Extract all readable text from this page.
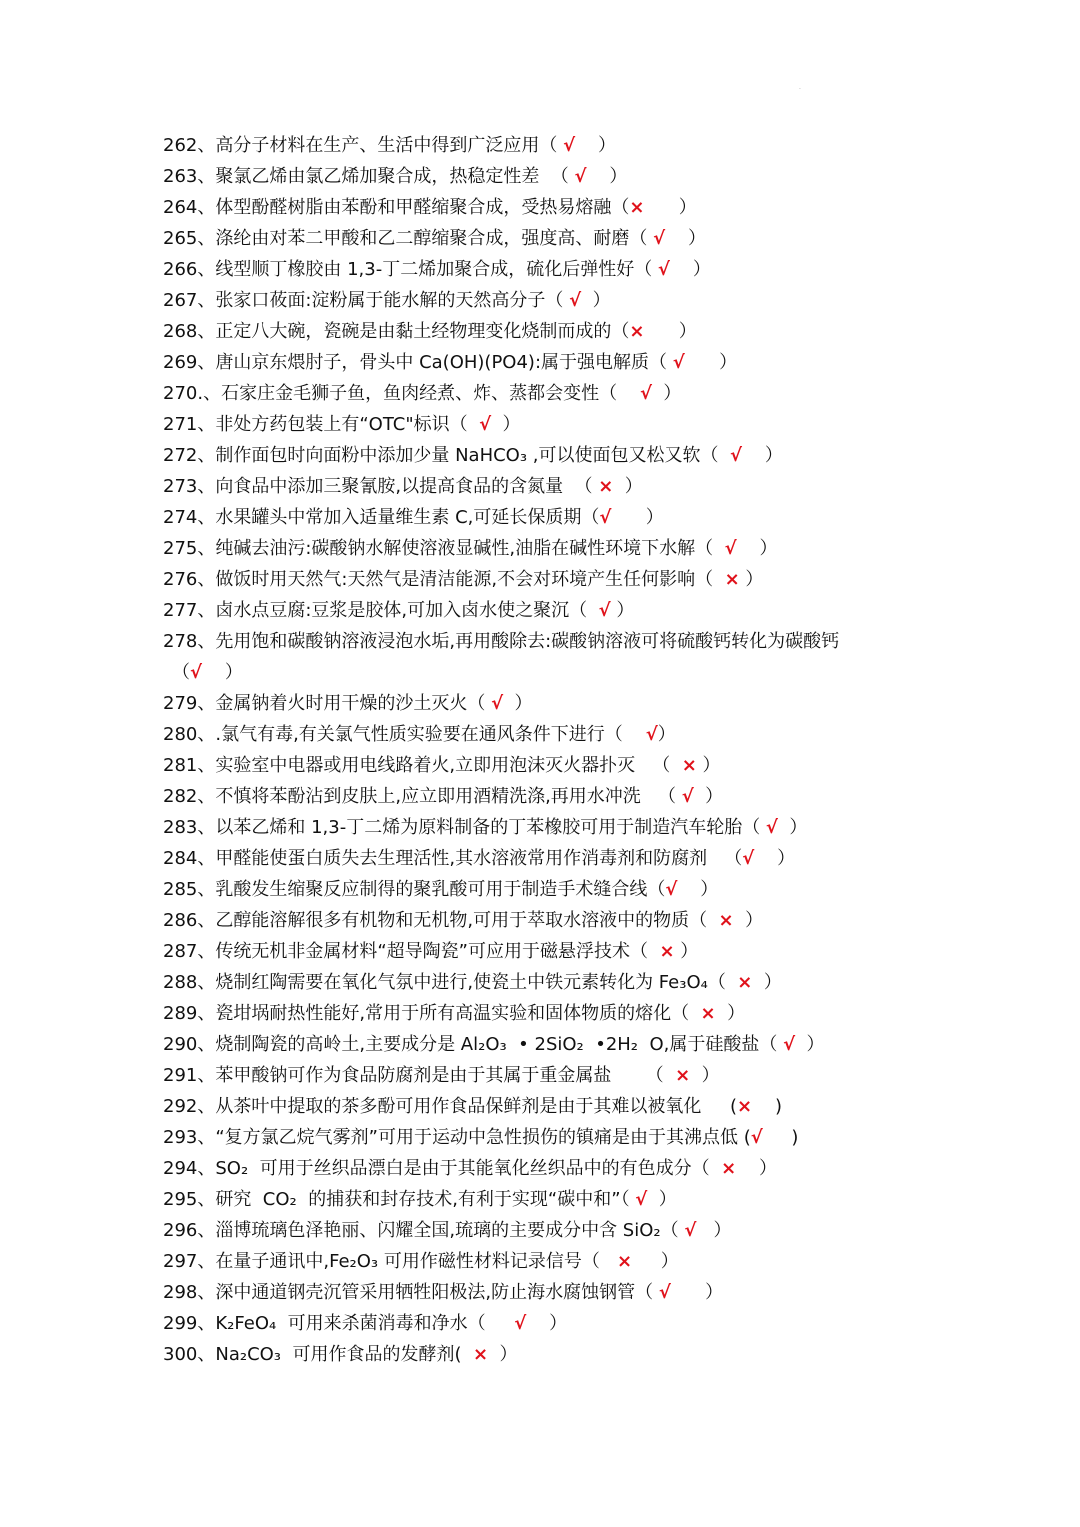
·
262、高分子材料在生产、生活中得到广泛应用（ √    ）
263、聚氯乙烯由氯乙烯加聚合成，热稳定性差  （ √    ）
264、体型酚醛树脂由苯酚和甲醛缩聚合成，受热易熔融（×      ）
265、涤纶由对苯二甲酸和乙二醇缩聚合成，强度高、耐磨（ √    ）
266、线型顺丁橡胶由 1,3-丁二烯加聚合成，硫化后弹性好（ √    ）
267、张家口莜面:淀粉属于能水解的天然高分子（ √  ）
268、正定八大碗，瓷碗是由黏土经物理变化烧制而成的（×      ）
269、唐山京东煨肘子，骨头中 Ca(OH)(PO4):属于强电解质（ √      ）
270.、石家庄金毛狮子鱼，鱼肉经煮、炸、蒸都会变性（    √  ）
271、非处方药包装上有“OTC"标识（  √  ）
272、制作面包时向面粉中添加少量 NaHCO₃ ,可以使面包又松又软（  √    ）
273、向食品中添加三聚氰胺,以提高食品的含氮量  （ ×  ）
274、水果罐头中常加入适量维生素 C,可延长保质期（√      ）
275、纯碱去油污:碳酸钠水解使溶液显碱性,油脂在碱性环境下水解（  √    ）
276、做饭时用天然气:天然气是清洁能源,不会对环境产生任何影响（  × ）
277、卤水点豆腐:豆浆是胶体,可加入卤水使之聚沉（  √ ）
278、先用饱和碳酸钠溶液浸泡水垢,再用酸除去:碳酸钠溶液可将硫酸钙转化为碳酸钙
（√    ）
279、金属钠着火时用干燥的沙土灭火（ √  ）
280、.氯气有毒,有关氯气性质实验要在通风条件下进行（    √）
281、实验室中电器或用电线路着火,立即用泡沫灭火器扑灭   （  × ）
282、不慎将苯酚沾到皮肤上,应立即用酒精洗涤,再用水冲洗   （ √  ）
283、以苯乙烯和 1,3-丁二烯为原料制备的丁苯橡胶可用于制造汽车轮胎（ √  ）
284、甲醛能使蛋白质失去生理活性,其水溶液常用作消毒剂和防腐剂   （√    ）
285、乳酸发生缩聚反应制得的聚乳酸可用于制造手术缝合线（√    ）
286、乙醇能溶解很多有机物和无机物,可用于萃取水溶液中的物质（  ×  ）
287、传统无机非金属材料“超导陶瓷”可应用于磁悬浮技术（  × ）
288、烧制红陶需要在氧化气氛中进行,使瓷土中铁元素转化为 Fe₃O₄（  ×  ）
289、瓷坩埚耐热性能好,常用于所有高温实验和固体物质的熔化（  ×  ）
290、烧制陶瓷的高岭土,主要成分是 Al₂O₃  • 2SiO₂  •2H₂  O,属于硅酸盐（ √  ）
291、苯甲酸钠可作为食品防腐剂是由于其属于重金属盐      （  ×  ）
292、从茶叶中提取的茶多酚可用作食品保鲜剂是由于其难以被氧化     (×    )
293、“复方氯乙烷气雾剂”可用于运动中急性损伤的镇痛是由于其沸点低 (√     )
294、SO₂  可用于丝织品漂白是由于其能氧化丝织品中的有色成分（  ×    ）
295、研究  CO₂  的捕获和封存技术,有利于实现“碳中和”（ √  ）
296、淄博琉璃色泽艳丽、闪耀全国,琉璃的主要成分中含 SiO₂（ √   ）
297、在量子通讯中,Fe₂O₃ 可用作磁性材料记录信号（   ×     ）
298、深中通道钢壳沉管采用牺牲阳极法,防止海水腐蚀钢管（ √      ）
299、K₂FeO₄  可用来杀菌消毒和净水（     √    ）
300、Na₂CO₃  可用作食品的发酵剂(  ×  ）
